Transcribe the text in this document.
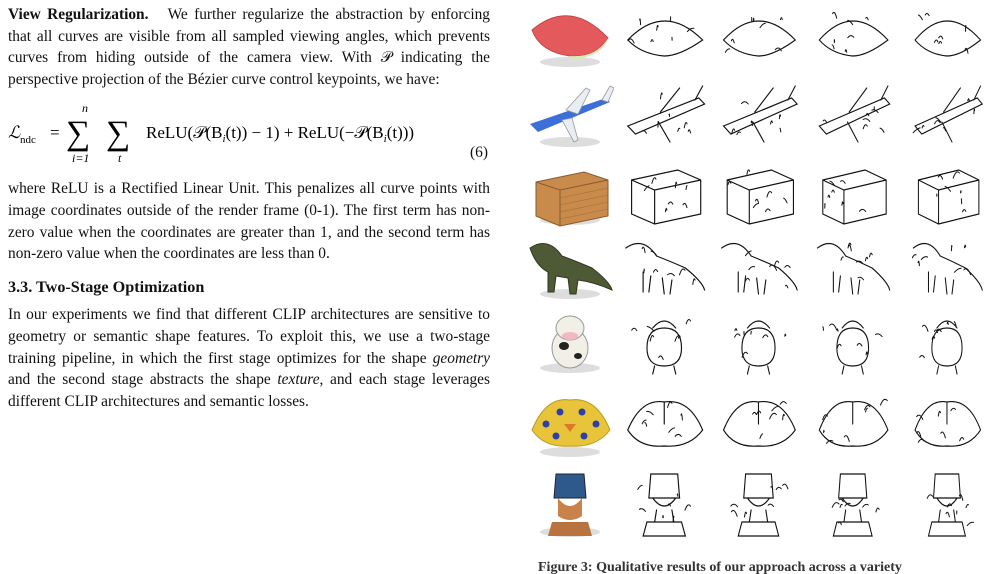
View Regularization. We further regularize the abstraction by enforcing that all curves are visible from all sampled viewing angles, which prevents curves from hiding outside of the camera view. With 𝒫 indicating the perspective projection of the Bézier curve control keypoints, we have:

ℒ ndc =
n
∑
i=1
∑
t
$ReLU(𝒫(B_i(t)) - 1)$ + $ReLU(-𝒫(B_i(t)))$
(6)

where ReLU is a Rectified Linear Unit. This penalizes all curve points with image coordinates outside of the render frame (0-1). The first term has non-zero value when the coordinates are greater than 1, and the second term has non-zero value when the coordinates are less than 0.

3.3. Two-Stage Optimization

In our experiments we find that different CLIP architectures are sensitive to geometry or semantic shape features. To exploit this, we use a two-stage training pipeline, in which the first stage optimizes for the shape geometry and the second stage abstracts the shape texture, and each stage leverages different CLIP architectures and semantic losses.

Figure 3: Qualitative results of our approach across a variety
